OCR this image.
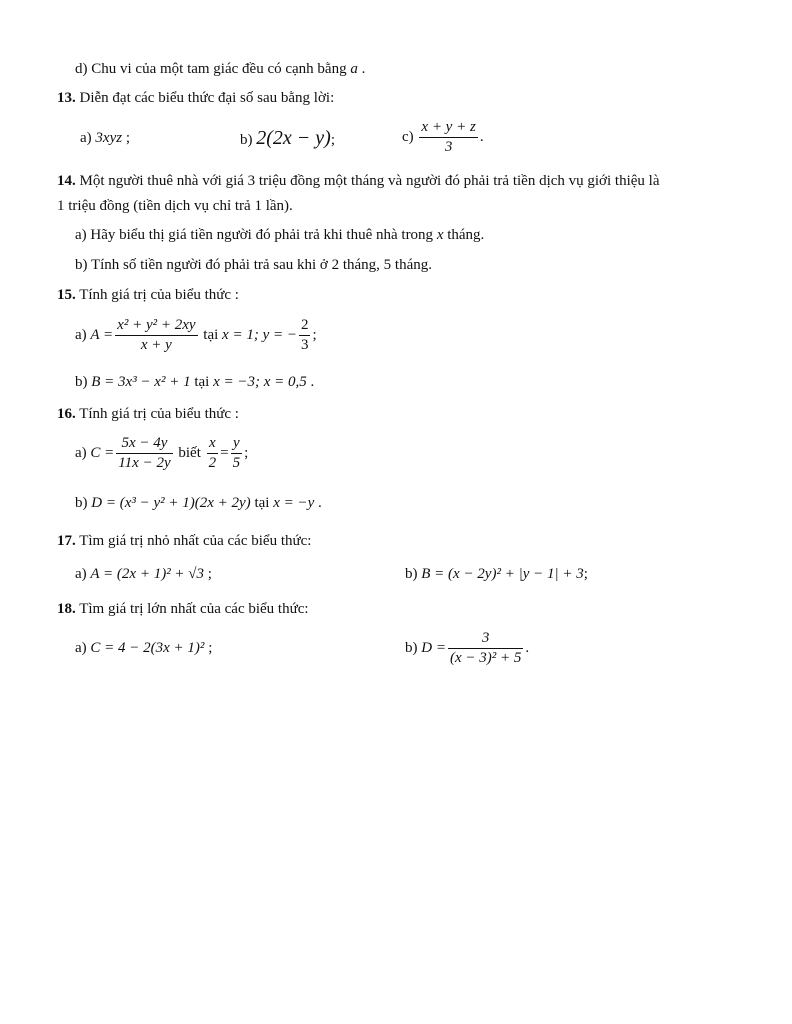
d) Chu vi của một tam giác đều có cạnh bằng a .
13. Diễn đạt các biểu thức đại số sau bằng lời:
a) 3xyz ;	b) 2(2x − y);	$c) \frac{x + y + z}{3}$ .
14. Một người thuê nhà với giá 3 triệu đồng một tháng và người đó phải trả tiền dịch vụ giới thiệu là
1 triệu đồng (tiền dịch vụ chỉ trả 1 lần).
a) Hãy biểu thị giá tiền người đó phải trả khi thuê nhà trong x tháng.
b) Tính số tiền người đó phải trả sau khi ở 2 tháng, 5 tháng.
15. Tính giá trị của biểu thức :
a) $A = \frac{\text{x² + y² + 2xy}}{x + y}$ tại x = 1; y = − $\frac{2}{3}$ ;
b) B = 3x³ − x² + 1 tại x = −3; x = 0,5 .
16. Tính giá trị của biểu thức :
a) $C = \frac{5x - 4y}{11x - 2y}$ biết $\frac{x}{2} = \frac{y}{5}$ ;
b) D = (x³ − y² + 1)(2x + 2y) tại x = −y .
17. Tìm giá trị nhỏ nhất của các biểu thức:
a) A = (2x + 1)² + √3 ;	b) B = (x − 2y)² + |y − 1| + 3;
18. Tìm giá trị lớn nhất của các biểu thức:
a) C = 4 − 2(3x + 1)² ;	b) $D = \frac{3}{\text{(x − 3)² + 5}}$ .
